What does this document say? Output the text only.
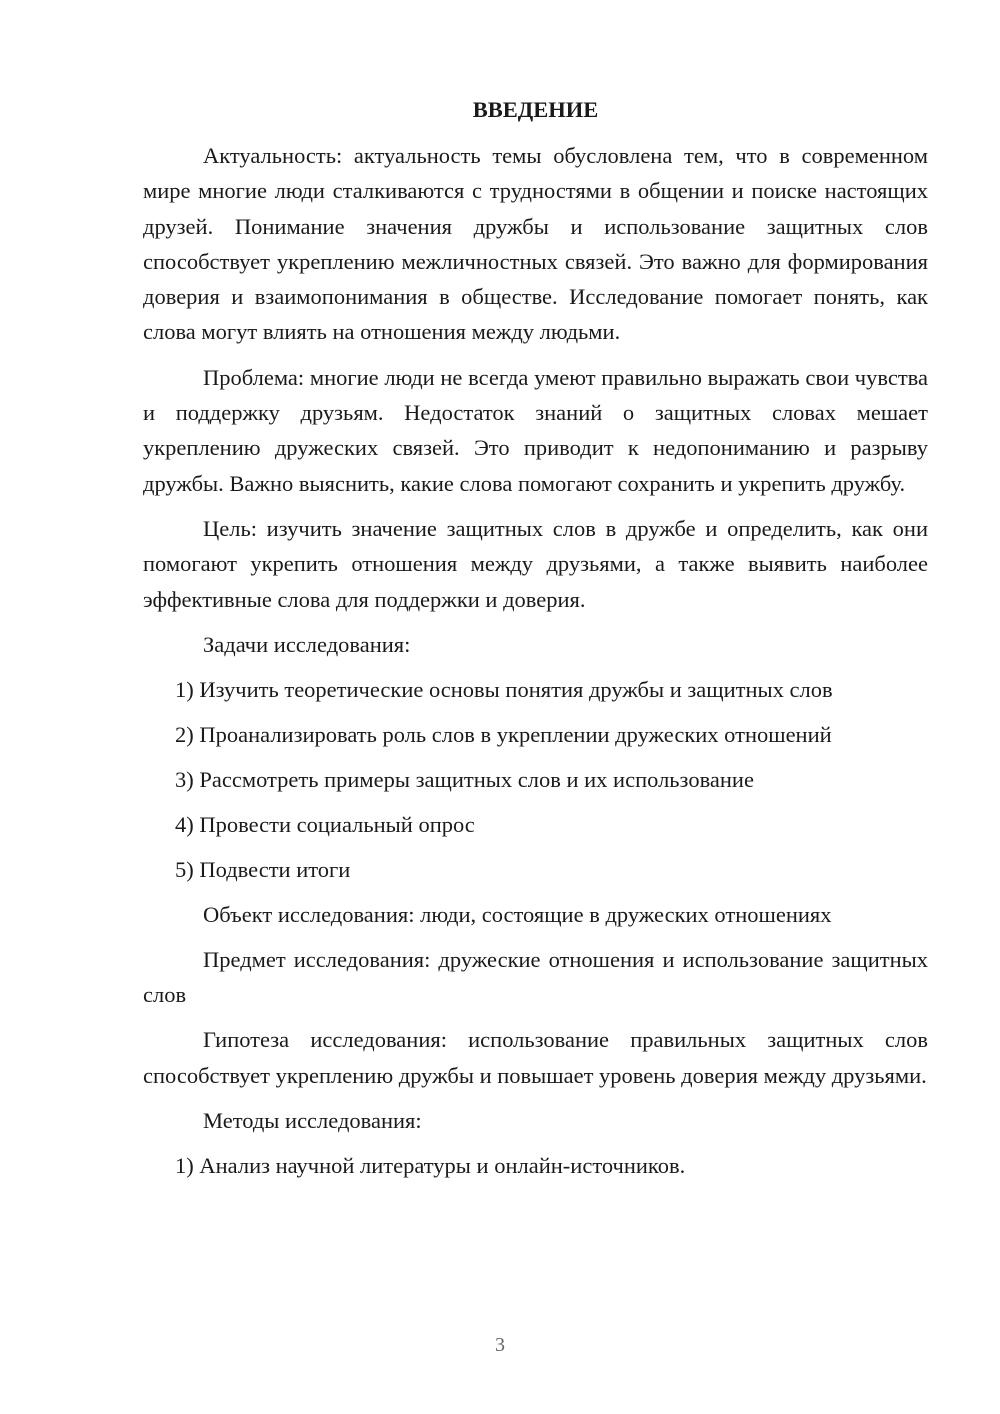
ВВЕДЕНИЕ

Актуальность: актуальность темы обусловлена тем, что в современном мире многие люди сталкиваются с трудностями в общении и поиске настоящих друзей. Понимание значения дружбы и использование защитных слов способствует укреплению межличностных связей. Это важно для формирования доверия и взаимопонимания в обществе. Исследование помогает понять, как слова могут влиять на отношения между людьми.

Проблема: многие люди не всегда умеют правильно выражать свои чувства и поддержку друзьям. Недостаток знаний о защитных словах мешает укреплению дружеских связей. Это приводит к недопониманию и разрыву дружбы. Важно выяснить, какие слова помогают сохранить и укрепить дружбу.

Цель: изучить значение защитных слов в дружбе и определить, как они помогают укрепить отношения между друзьями, а также выявить наиболее эффективные слова для поддержки и доверия.

Задачи исследования:

1) Изучить теоретические основы понятия дружбы и защитных слов

2) Проанализировать роль слов в укреплении дружеских отношений

3) Рассмотреть примеры защитных слов и их использование

4) Провести социальный опрос

5) Подвести итоги

Объект исследования: люди, состоящие в дружеских отношениях

Предмет исследования: дружеские отношения и использование защитных слов

Гипотеза исследования: использование правильных защитных слов способствует укреплению дружбы и повышает уровень доверия между друзьями.

Методы исследования:

1) Анализ научной литературы и онлайн-источников.

3
